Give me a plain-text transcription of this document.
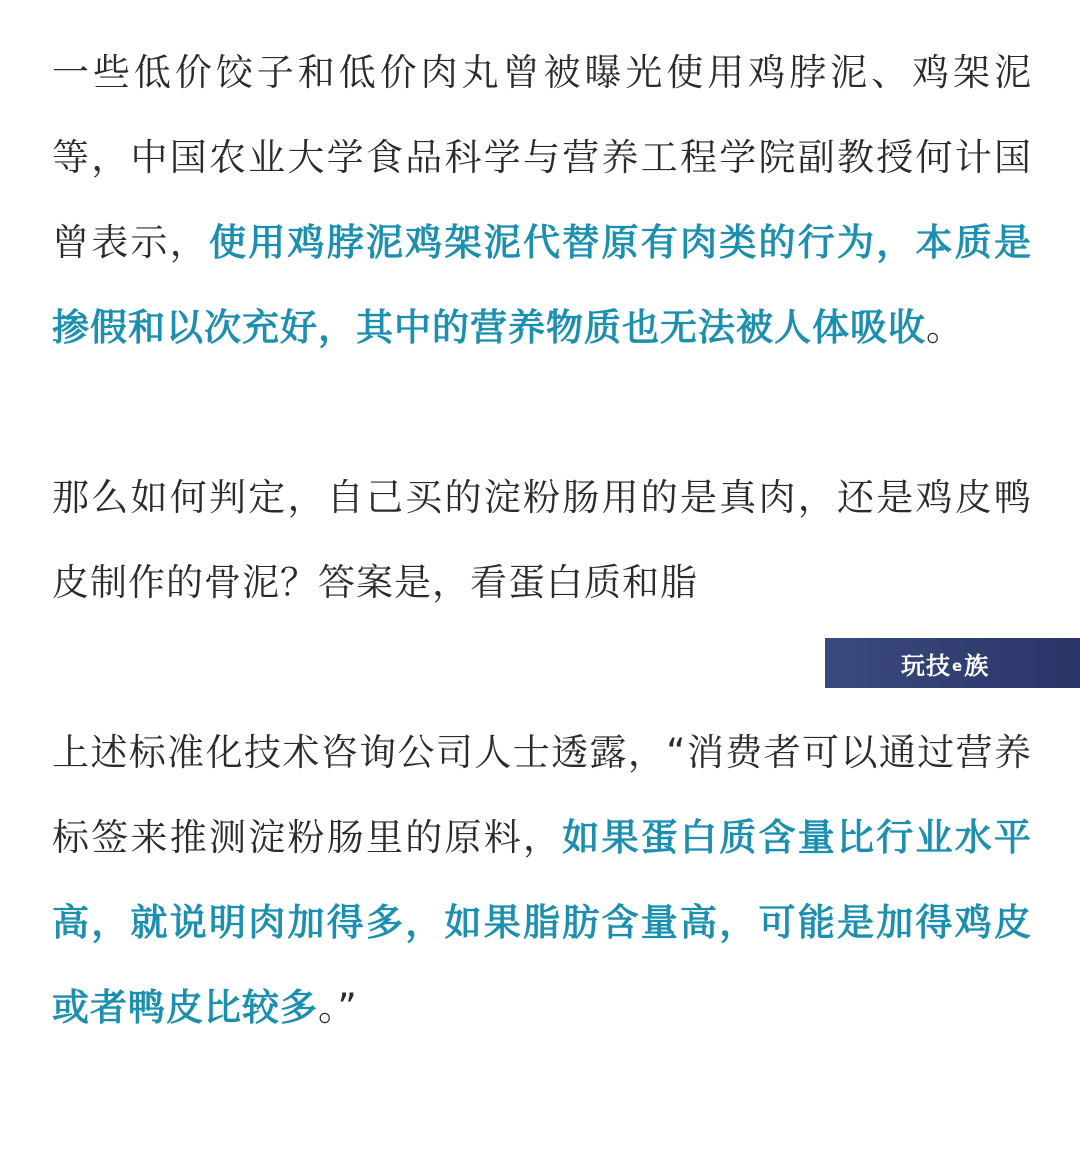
一些低价饺子和低价肉丸曾被曝光使用鸡脖泥、鸡架泥等，中国农业大学食品科学与营养工程学院副教授何计国曾表示，使用鸡脖泥鸡架泥代替原有肉类的行为，本质是掺假和以次充好，其中的营养物质也无法被人体吸收。

那么如何判定，自己买的淀粉肠用的是真肉，还是鸡皮鸭皮制作的骨泥？答案是，看蛋白质和脂

上述标准化技术咨询公司人士透露，“消费者可以通过营养标签来推测淀粉肠里的原料，如果蛋白质含量比行业水平高，就说明肉加得多，如果脂肪含量高，可能是加得鸡皮或者鸭皮比较多。”

玩技 e 族
